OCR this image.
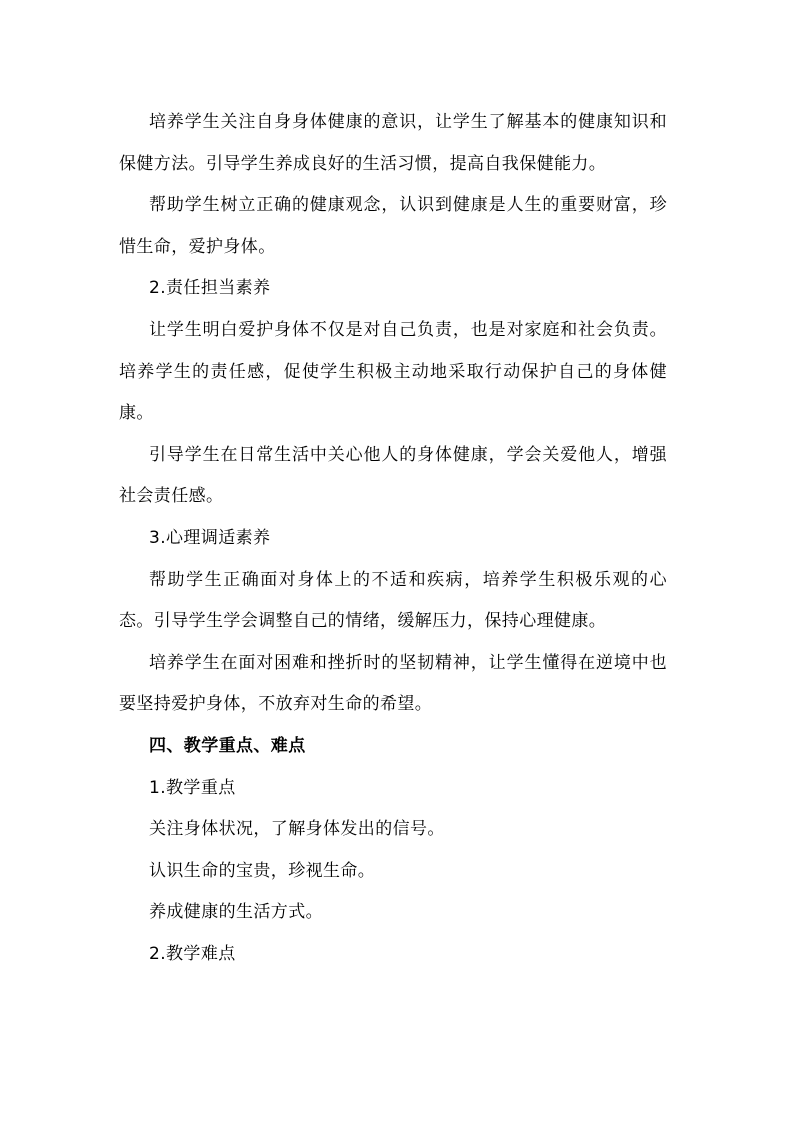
培养学生关注自身身体健康的意识，让学生了解基本的健康知识和保健方法。引导学生养成良好的生活习惯，提高自我保健能力。

帮助学生树立正确的健康观念，认识到健康是人生的重要财富，珍惜生命，爱护身体。

2.责任担当素养

让学生明白爱护身体不仅是对自己负责，也是对家庭和社会负责。培养学生的责任感，促使学生积极主动地采取行动保护自己的身体健康。

引导学生在日常生活中关心他人的身体健康，学会关爱他人，增强社会责任感。

3.心理调适素养

帮助学生正确面对身体上的不适和疾病，培养学生积极乐观的心态。引导学生学会调整自己的情绪，缓解压力，保持心理健康。

培养学生在面对困难和挫折时的坚韧精神，让学生懂得在逆境中也要坚持爱护身体，不放弃对生命的希望。

四、教学重点、难点

1.教学重点

关注身体状况，了解身体发出的信号。

认识生命的宝贵，珍视生命。

养成健康的生活方式。

2.教学难点
